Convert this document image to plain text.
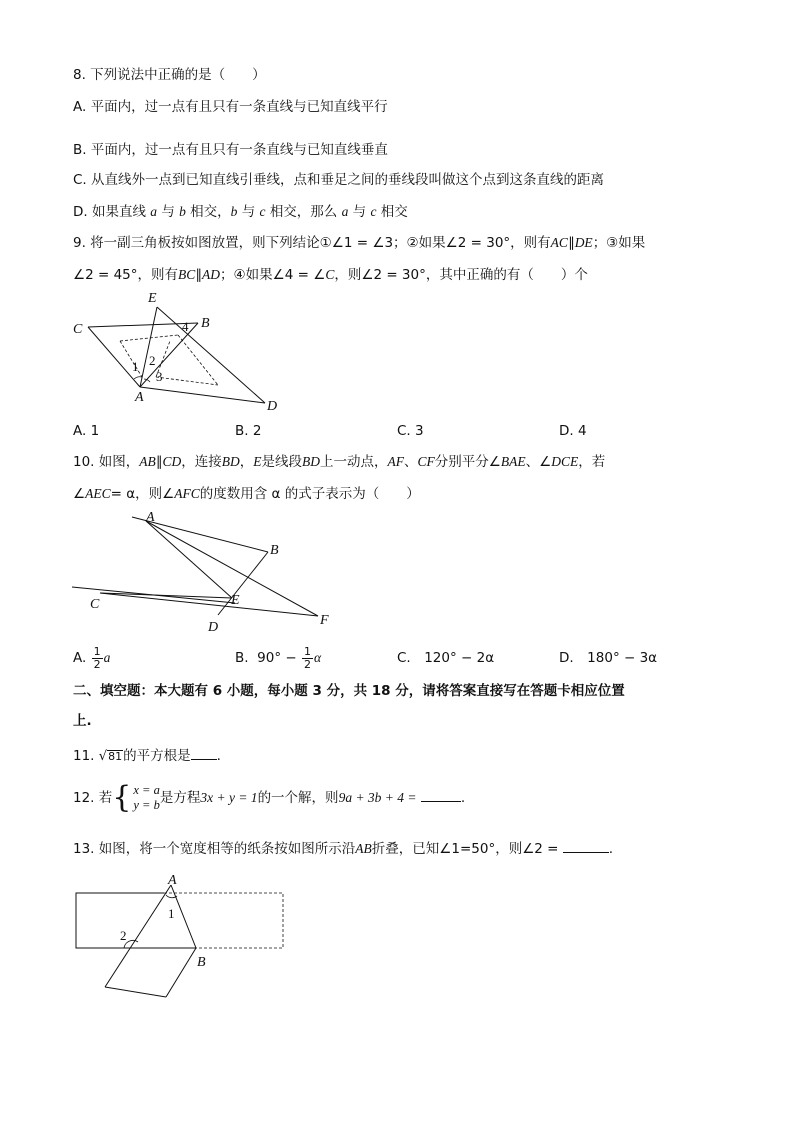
8. 下列说法中正确的是（　　）
A. 平面内，过一点有且只有一条直线与已知直线平行
B. 平面内，过一点有且只有一条直线与已知直线垂直
C. 从直线外一点到已知直线引垂线，点和垂足之间的垂线段叫做这个点到这条直线的距离
D. 如果直线 a 与 b 相交，b 与 c 相交，那么 a 与 c 相交
9. 将一副三角板按如图放置，则下列结论①∠1 = ∠3；②如果∠2 = 30°，则有AC∥DE；③如果
∠2 = 45°，则有BC∥AD；④如果∠4 = ∠C，则∠2 = 30°，其中正确的有（　　）个
E
B
C
A
D
1 2
3
4
A. 1	B. 2	C. 3	D. 4
10. 如图，AB∥CD，连接BD，E是线段BD上一动点，AF、CF分别平分∠BAE、∠DCE，若
∠AEC= α，则∠AFC的度数用含 α 的式子表示为（　　）
A
B
C	E
F
D
A. $\frac{1}{2}$ a	B. $90^\circ - \frac{1}{2}$ α	C.　120° − 2α	D.　180° − 3α
二、填空题：本大题有 6 小题，每小题 3 分，共 18 分，请将答案直接写在答题卡相应位置
上.
11. √81的平方根是 .
12. 若 { x = a
y = b 是方程3x + y = 1的一个解，则9a + 3b + 4 =	.
13. 如图，将一个宽度相等的纸条按如图所示沿AB折叠，已知∠1=50°，则∠2 =	.
A
B
1
2
